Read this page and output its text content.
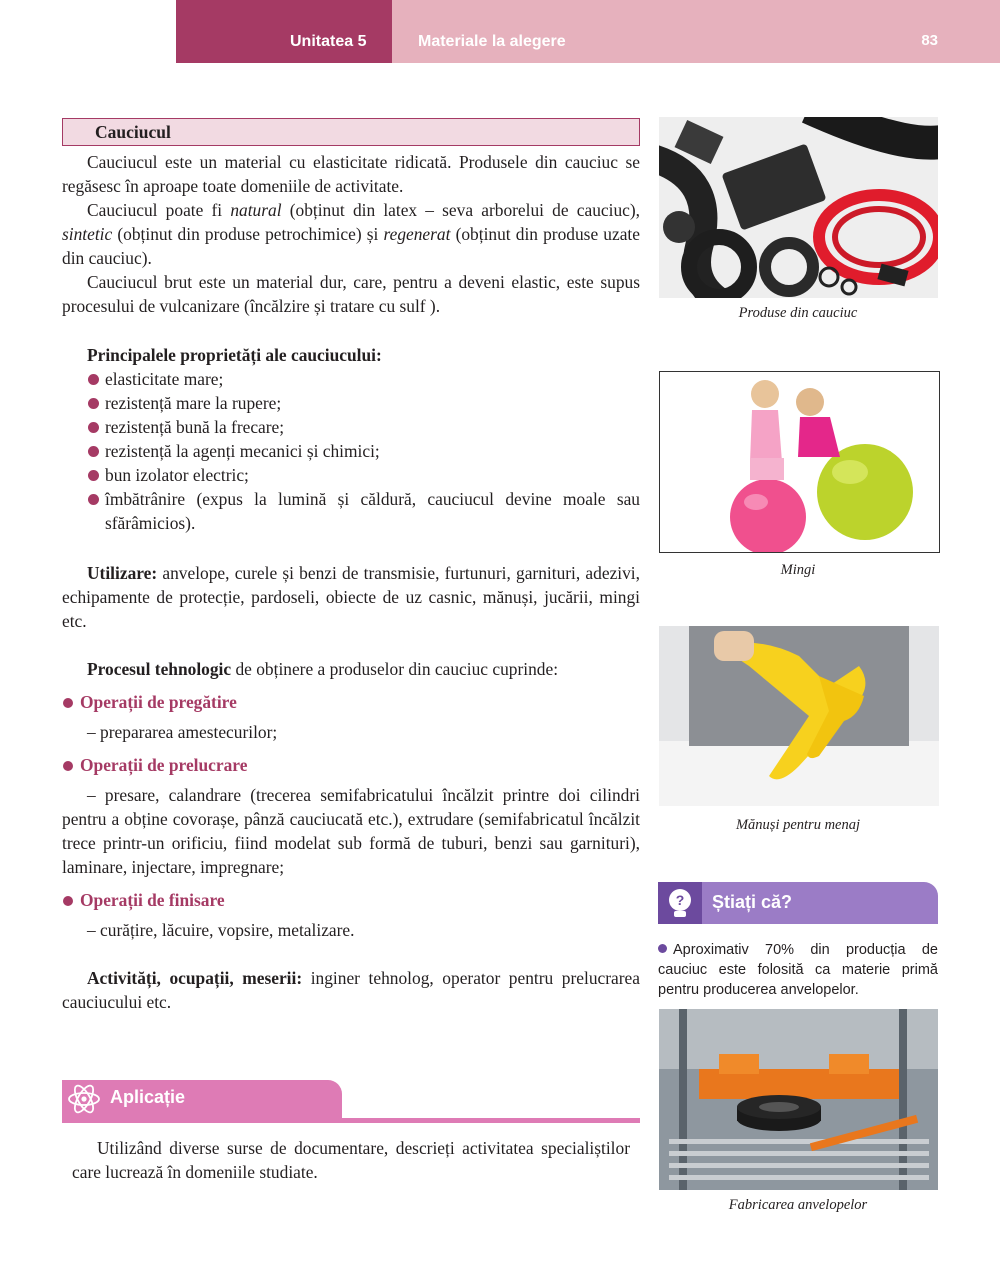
Unitatea 5	Materiale la alegere	83
Cauciucul

Cauciucul este un material cu elasticitate ridicată. Produsele din cauciuc se regăsesc în aproape toate domeniile de activitate.

Cauciucul poate fi natural (obținut din latex – seva arborelui de cauciuc), sintetic (obținut din produse petrochimice) și regenerat (obținut din produse uzate din cauciuc).

Cauciucul brut este un material dur, care, pentru a deveni elastic, este supus procesului de vulcanizare (încălzire și tratare cu sulf ).

Principalele proprietăți ale cauciucului:

elasticitate mare;

rezistență mare la rupere;

rezistență bună la frecare;

rezistență la agenți mecanici și chimici;

bun izolator electric;

îmbătrânire (expus la lumină și căldură, cauciucul devine moale sau sfărâmicios).

Utilizare: anvelope, curele și benzi de transmisie, furtunuri, garnituri, adezivi, echipamente de protecție, pardoseli, obiecte de uz casnic, mănuși, jucării, mingi etc.

Procesul tehnologic de obținere a produselor din cauciuc cuprinde:

Operații de pregătire

– prepararea amestecurilor;

Operații de prelucrare

– presare, calandrare (trecerea semifabricatului încălzit printre doi cilindri pentru a obține covorașe, pânză cauciucată etc.), extrudare (semifabricatul încălzit trece printr-un orificiu, fiind modelat sub formă de tuburi, benzi sau garnituri), laminare, injectare, impregnare;

Operații de finisare

– curățire, lăcuire, vopsire, metalizare.

Activități, ocupații, meserii: inginer tehnolog, operator pentru prelucrarea cauciucului etc.

Produse din cauciuc
Mingi
Mănuși pentru menaj
? Știați că?
Aproximativ 70% din producția de cauciuc este folosită ca materie primă pentru producerea anvelopelor.
Fabricarea anvelopelor
Aplicație

Utilizând diverse surse de documentare, descrieți activitatea specialiștilor care lucrează în domeniile studiate.
